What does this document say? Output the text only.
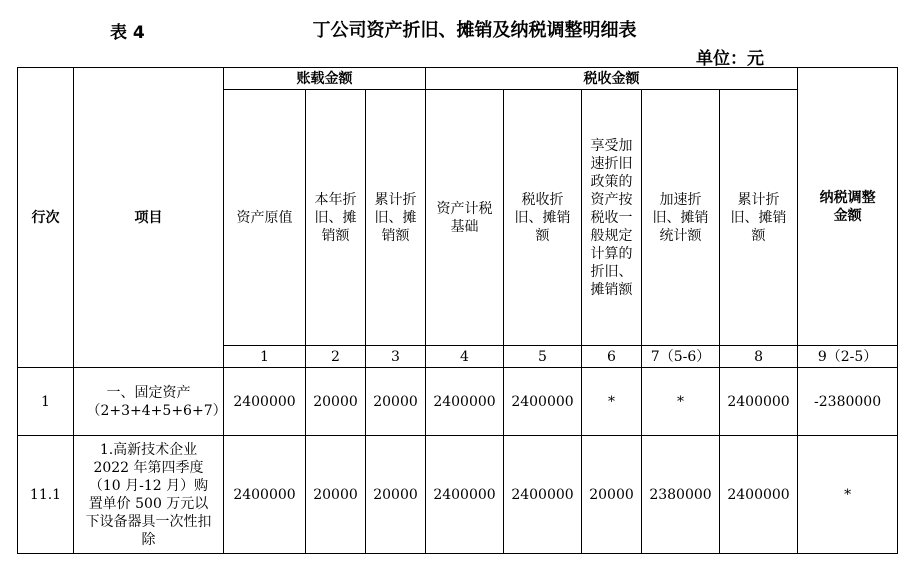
表 4	丁公司资产折旧、摊销及纳税调整明细表
单位：元
行次	项目	账载金额			税收金额					纳税调整金额

		资产原值	本年折旧、摊销额	累计折旧、摊销额	资产计税基础	税收折旧、摊销额	享受加速折旧政策的资产按税收一般规定计算的折旧、摊销额	加速折旧、摊销统计额	累计折旧、摊销额	

		1	2	3	4	5	6	7（5-6）	8	9（2-5）
1	一、固定资产（2+3+4+5+6+7）	2400000	20000	20000	2400000	2400000	*	*	2400000	-2380000
11.1	1.高新技术企业 2022 年第四季度（10 月-12 月）购置单价 500 万元以下设备器具一次性扣除	2400000	20000	20000	2400000	2400000	20000	2380000	2400000	*
